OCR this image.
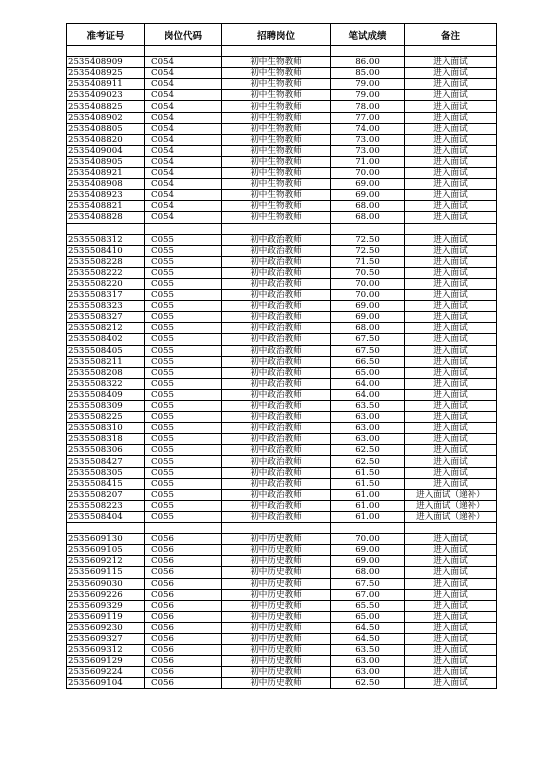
准考证号	岗位代码	招聘岗位	笔试成绩	备注

2535408909	C054	初中生物教师	86.00	进入面试
2535408925	C054	初中生物教师	85.00	进入面试
2535408911	C054	初中生物教师	79.00	进入面试
2535409023	C054	初中生物教师	79.00	进入面试
2535408825	C054	初中生物教师	78.00	进入面试
2535408902	C054	初中生物教师	77.00	进入面试
2535408805	C054	初中生物教师	74.00	进入面试
2535408820	C054	初中生物教师	73.00	进入面试
2535409004	C054	初中生物教师	73.00	进入面试
2535408905	C054	初中生物教师	71.00	进入面试
2535408921	C054	初中生物教师	70.00	进入面试
2535408908	C054	初中生物教师	69.00	进入面试
2535408923	C054	初中生物教师	69.00	进入面试
2535408821	C054	初中生物教师	68.00	进入面试
2535408828	C054	初中生物教师	68.00	进入面试

2535508312	C055	初中政治教师	72.50	进入面试
2535508410	C055	初中政治教师	72.50	进入面试
2535508228	C055	初中政治教师	71.50	进入面试
2535508222	C055	初中政治教师	70.50	进入面试
2535508220	C055	初中政治教师	70.00	进入面试
2535508317	C055	初中政治教师	70.00	进入面试
2535508323	C055	初中政治教师	69.00	进入面试
2535508327	C055	初中政治教师	69.00	进入面试
2535508212	C055	初中政治教师	68.00	进入面试
2535508402	C055	初中政治教师	67.50	进入面试
2535508405	C055	初中政治教师	67.50	进入面试
2535508211	C055	初中政治教师	66.50	进入面试
2535508208	C055	初中政治教师	65.00	进入面试
2535508322	C055	初中政治教师	64.00	进入面试
2535508409	C055	初中政治教师	64.00	进入面试
2535508309	C055	初中政治教师	63.50	进入面试
2535508225	C055	初中政治教师	63.00	进入面试
2535508310	C055	初中政治教师	63.00	进入面试
2535508318	C055	初中政治教师	63.00	进入面试
2535508306	C055	初中政治教师	62.50	进入面试
2535508427	C055	初中政治教师	62.50	进入面试
2535508305	C055	初中政治教师	61.50	进入面试
2535508415	C055	初中政治教师	61.50	进入面试
2535508207	C055	初中政治教师	61.00	进入面试（递补）
2535508223	C055	初中政治教师	61.00	进入面试（递补）
2535508404	C055	初中政治教师	61.00	进入面试（递补）

2535609130	C056	初中历史教师	70.00	进入面试
2535609105	C056	初中历史教师	69.00	进入面试
2535609212	C056	初中历史教师	69.00	进入面试
2535609115	C056	初中历史教师	68.00	进入面试
2535609030	C056	初中历史教师	67.50	进入面试
2535609226	C056	初中历史教师	67.00	进入面试
2535609329	C056	初中历史教师	65.50	进入面试
2535609119	C056	初中历史教师	65.00	进入面试
2535609230	C056	初中历史教师	64.50	进入面试
2535609327	C056	初中历史教师	64.50	进入面试
2535609312	C056	初中历史教师	63.50	进入面试
2535609129	C056	初中历史教师	63.00	进入面试
2535609224	C056	初中历史教师	63.00	进入面试
2535609104	C056	初中历史教师	62.50	进入面试
